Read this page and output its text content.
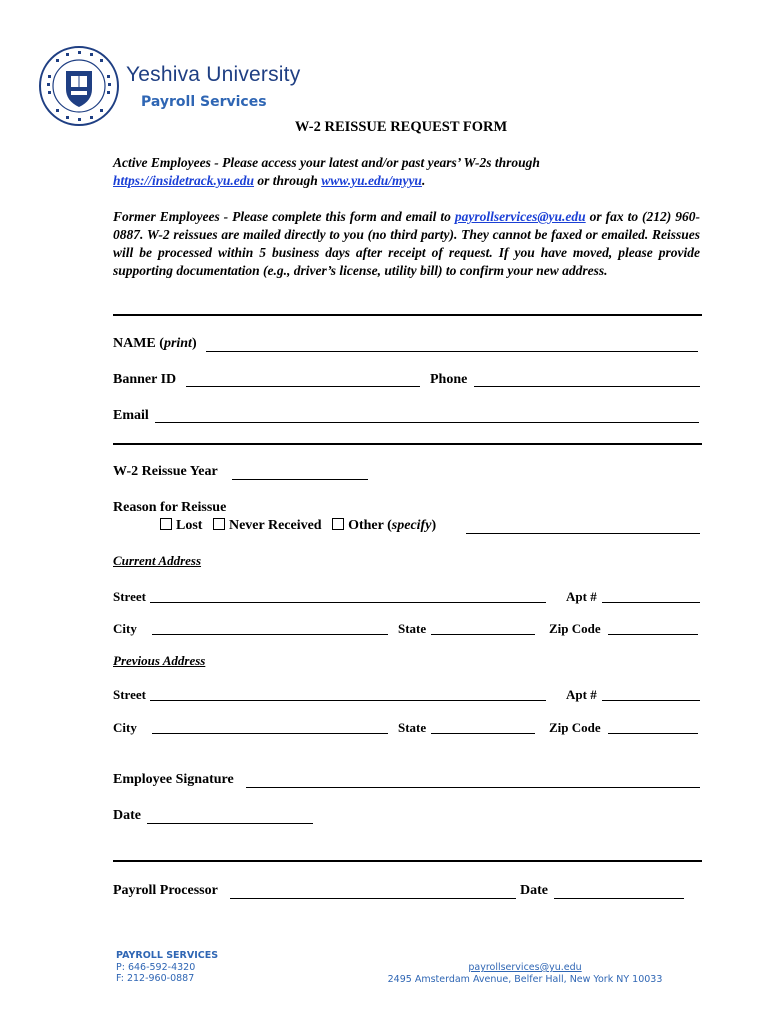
Yeshiva University
Payroll Services
W-2 REISSUE REQUEST FORM
Active Employees - Please access your latest and/or past years’ W-2s through
https://insidetrack.yu.edu or through www.yu.edu/myyu.
Former Employees - Please complete this form and email to payrollservices@yu.edu or fax to (212) 960-0887. W-2 reissues are mailed directly to you (no third party). They cannot be faxed or emailed. Reissues will be processed within 5 business days after receipt of request. If you have moved, please provide supporting documentation (e.g., driver’s license, utility bill) to confirm your new address.
NAME (print)
Banner ID	Phone
Email
W-2 Reissue Year
Reason for Reissue
Lost Never Received Other (specify)
Current Address
Street	Apt #
City	State	Zip Code
Previous Address
Street	Apt #
City	State	Zip Code
Employee Signature
Date
Payroll Processor	Date
PAYROLL SERVICES
P: 646-592-4320
F: 212-960-0887
payrollservices@yu.edu
2495 Amsterdam Avenue, Belfer Hall, New York NY 10033
